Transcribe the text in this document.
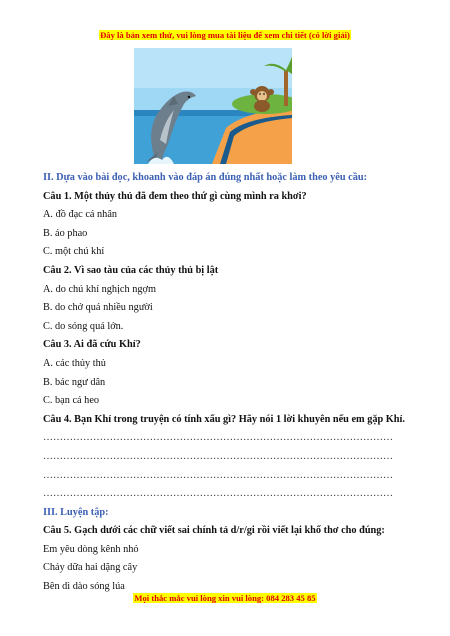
Đây là bản xem thử, vui lòng mua tài liệu để xem chi tiết (có lời giải)
II. Dựa vào bài đọc, khoanh vào đáp án đúng nhất hoặc làm theo yêu cầu:
Câu 1. Một thủy thủ đã đem theo thứ gì cùng mình ra khơi?
A. đồ đạc cá nhân
B. áo phao
C. một chú khỉ
Câu 2. Vì sao tàu của các thủy thủ bị lật
A. do chú khỉ nghịch ngợm
B. do chở quá nhiều người
C. do sóng quá lớn.
Câu 3. Ai đã cứu Khỉ?
A. các thủy thủ
B. bác ngư dân
C. bạn cá heo
Câu 4. Bạn Khỉ trong truyện có tính xấu gì? Hãy nói 1 lời khuyên nếu em gặp Khỉ.
……………………………………………………………………………………………
……………………………………………………………………………………………
……………………………………………………………………………………………
……………………………………………………………………………………………
III. Luyện tập:
Câu 5. Gạch dưới các chữ viết sai chính tả d/r/gi rồi viết lại khổ thơ cho đúng:
Em yêu dòng kênh nhỏ
Chảy dữa hai dặng cây
Bên dì dào sóng lúa
Mọi thắc mắc vui lòng xin vui lòng: 084 283 45 85
